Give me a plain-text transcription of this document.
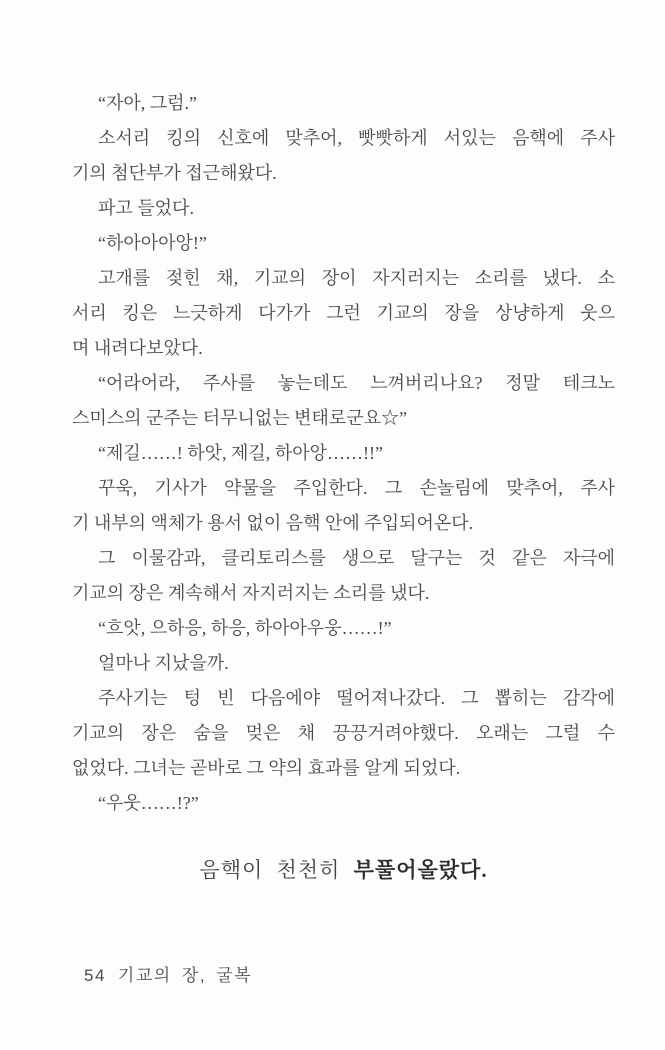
“자아, 그럼.”
소서리 킹의 신호에 맞추어, 빳빳하게 서있는 음핵에 주사
기의 첨단부가 접근해왔다.
파고 들었다.
“하아아아앙!”
고개를 젖힌 채, 기교의 장이 자지러지는 소리를 냈다. 소
서리 킹은 느긋하게 다가가 그런 기교의 장을 상냥하게 웃으
며 내려다보았다.
“어라어라, 주사를 놓는데도 느껴버리나요? 정말 테크노
스미스의 군주는 터무니없는 변태로군요☆”
“제길……! 하앗, 제길, 하아앙……!!”
꾸욱, 기사가 약물을 주입한다. 그 손놀림에 맞추어, 주사
기 내부의 액체가 용서 없이 음핵 안에 주입되어온다.
그 이물감과, 클리토리스를 생으로 달구는 것 같은 자극에
기교의 장은 계속해서 자지러지는 소리를 냈다.
“흐앗, 으하응, 하응, 하아아우웅……!”
얼마나 지났을까.
주사기는 텅 빈 다음에야 떨어져나갔다. 그 뽑히는 감각에
기교의 장은 숨을 멎은 채 끙끙거려야했다. 오래는 그럴 수
없었다. 그녀는 곧바로 그 약의 효과를 알게 되었다.
“우웃……!?”
음핵이 천천히 부풀어올랐다.
54 기교의 장, 굴복
